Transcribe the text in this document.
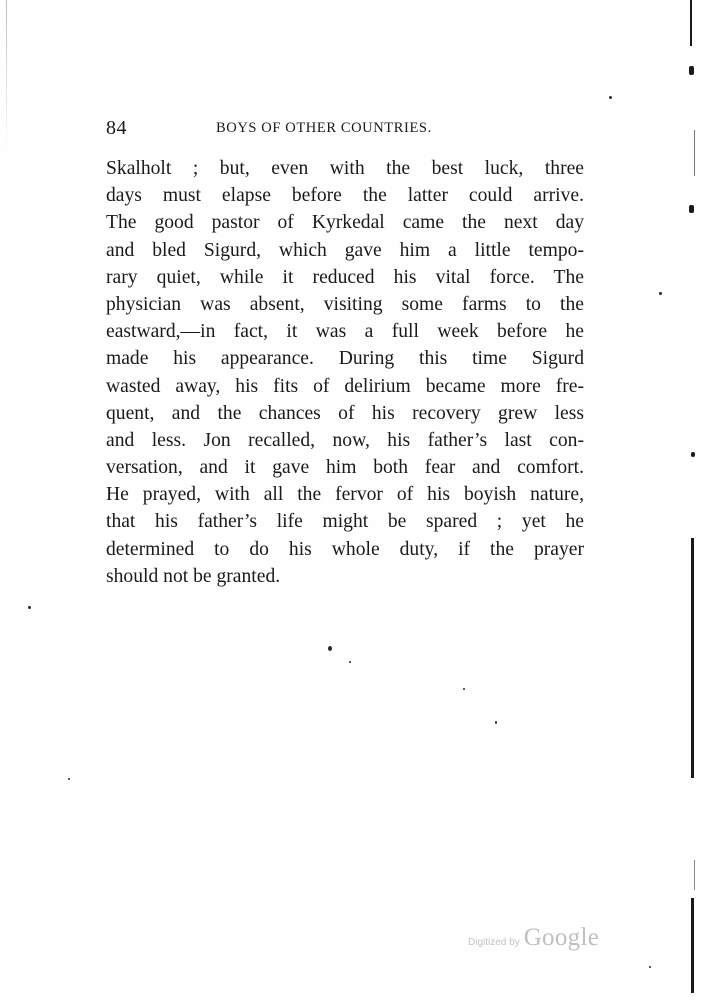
84	BOYS OF OTHER COUNTRIES.
Skalholt ; but, even with the best luck, three
days must elapse before the latter could arrive.
The good pastor of Kyrkedal came the next day
and bled Sigurd, which gave him a little tempo-
rary quiet, while it reduced his vital force. The
physician was absent, visiting some farms to the
eastward,—in fact, it was a full week before he
made his appearance. During this time Sigurd
wasted away, his fits of delirium became more fre-
quent, and the chances of his recovery grew less
and less. Jon recalled, now, his father’s last con-
versation, and it gave him both fear and comfort.
He prayed, with all the fervor of his boyish nature,
that his father’s life might be spared ; yet he
determined to do his whole duty, if the prayer
should not be granted.
Digitized by Google
